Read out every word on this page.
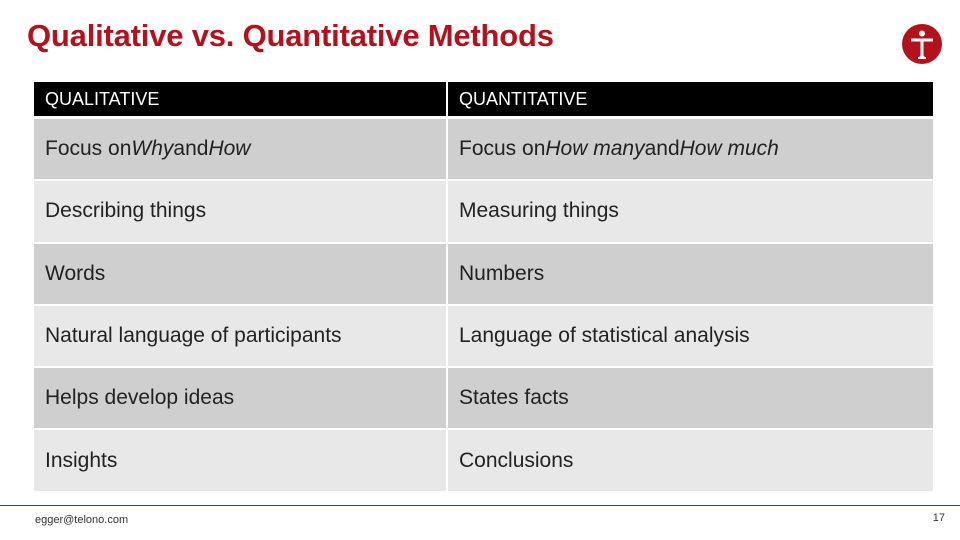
Qualitative vs. Quantitative Methods
QUALITATIVE	QUANTITATIVE
Focus on Why and How	Focus on How many and How much
Describing things	Measuring things
Words	Numbers
Natural language of participants	Language of statistical analysis
Helps develop ideas	States facts
Insights	Conclusions
egger@telono.com	17
